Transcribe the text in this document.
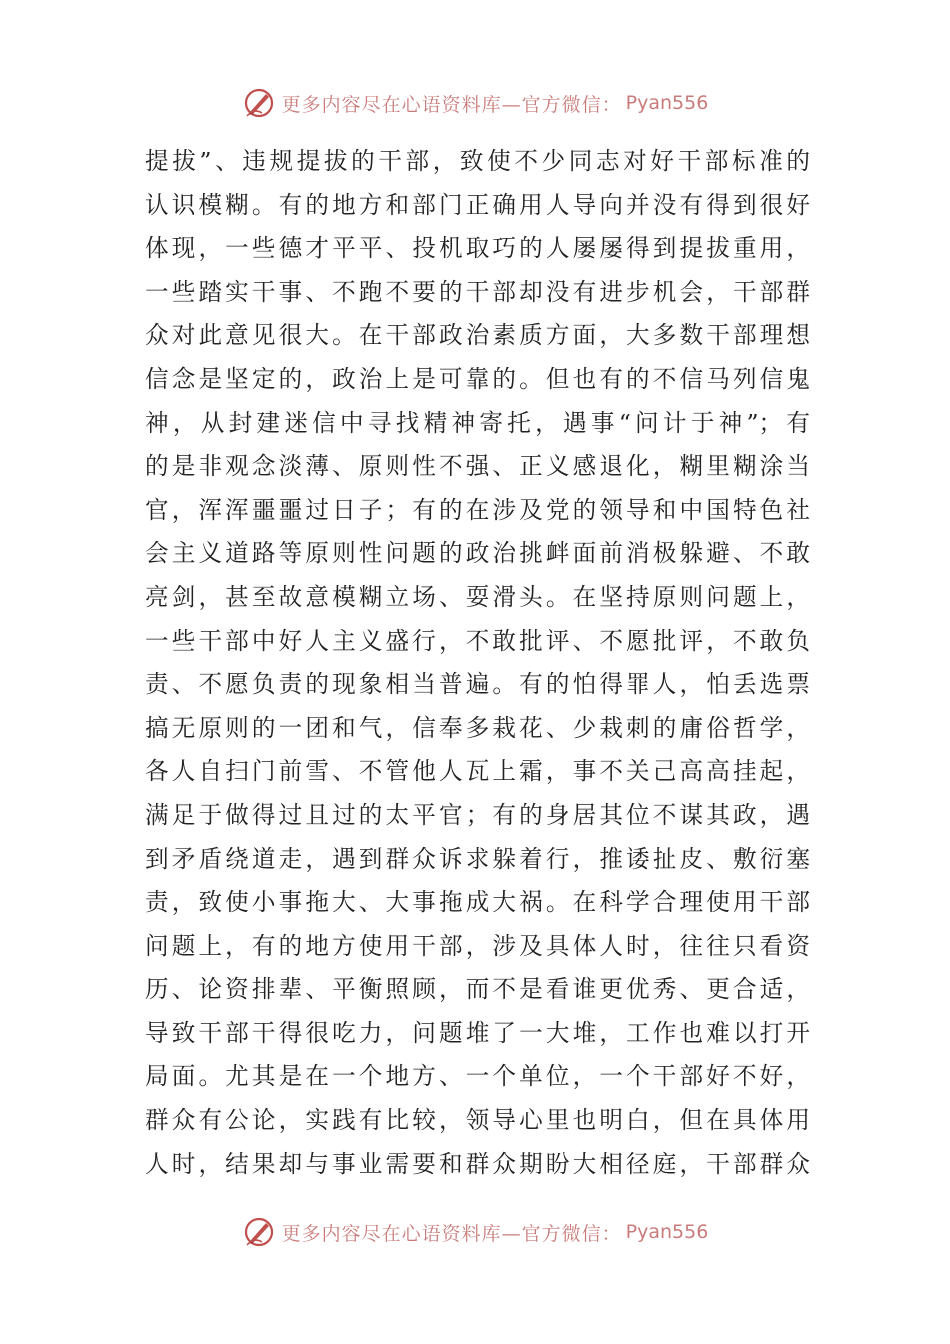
更多内容尽在心语资料库—官方微信： Pyan556
提拔”、违规提拔的干部，致使不少同志对好干部标准的
认识模糊。有的地方和部门正确用人导向并没有得到很好
体现，一些德才平平、投机取巧的人屡屡得到提拔重用，
一些踏实干事、不跑不要的干部却没有进步机会，干部群
众对此意见很大。在干部政治素质方面，大多数干部理想
信念是坚定的，政治上是可靠的。但也有的不信马列信鬼
神，从封建迷信中寻找精神寄托，遇事“问计于神”；有
的是非观念淡薄、原则性不强、正义感退化，糊里糊涂当
官，浑浑噩噩过日子；有的在涉及党的领导和中国特色社
会主义道路等原则性问题的政治挑衅面前消极躲避、不敢
亮剑，甚至故意模糊立场、耍滑头。在坚持原则问题上，
一些干部中好人主义盛行，不敢批评、不愿批评，不敢负
责、不愿负责的现象相当普遍。有的怕得罪人，怕丢选票
搞无原则的一团和气，信奉多栽花、少栽刺的庸俗哲学，
各人自扫门前雪、不管他人瓦上霜，事不关己高高挂起，
满足于做得过且过的太平官；有的身居其位不谋其政，遇
到矛盾绕道走，遇到群众诉求躲着行，推诿扯皮、敷衍塞
责，致使小事拖大、大事拖成大祸。在科学合理使用干部
问题上，有的地方使用干部，涉及具体人时，往往只看资
历、论资排辈、平衡照顾，而不是看谁更优秀、更合适，
导致干部干得很吃力，问题堆了一大堆，工作也难以打开
局面。尤其是在一个地方、一个单位，一个干部好不好，
群众有公论，实践有比较，领导心里也明白，但在具体用
人时，结果却与事业需要和群众期盼大相径庭，干部群众
更多内容尽在心语资料库—官方微信： Pyan556
